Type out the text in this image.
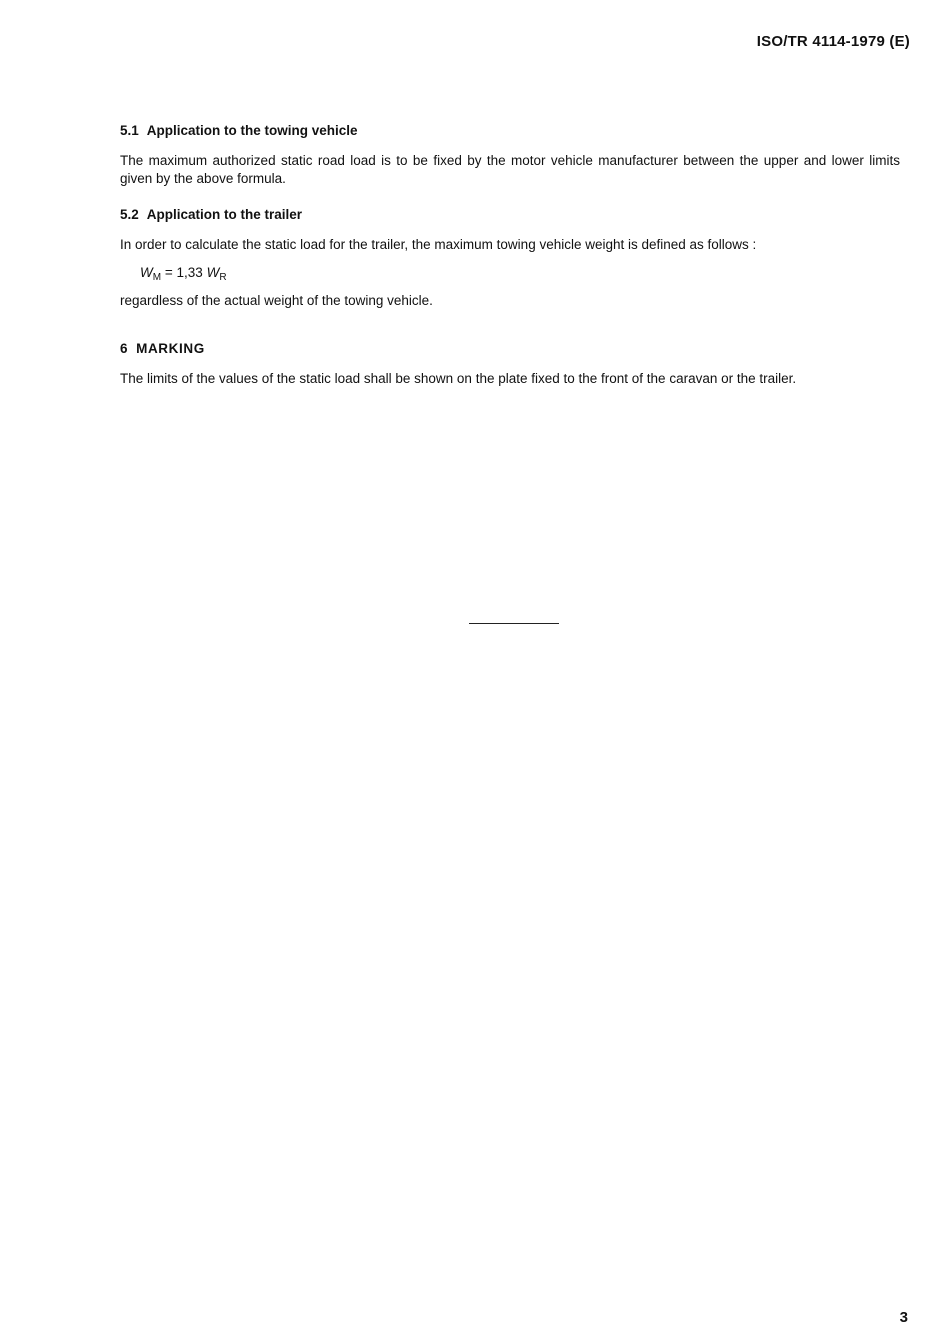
ISO/TR 4114-1979 (E)

5.1 Application to the towing vehicle

The maximum authorized static road load is to be fixed by the motor vehicle manufacturer between the upper and lower limits given by the above formula.

5.2 Application to the trailer

In order to calculate the static load for the trailer, the maximum towing vehicle weight is defined as follows :

$W_M = 1,33$ $W_R$

regardless of the actual weight of the towing vehicle.

6 MARKING

The limits of the values of the static load shall be shown on the plate fixed to the front of the caravan or the trailer.

3
